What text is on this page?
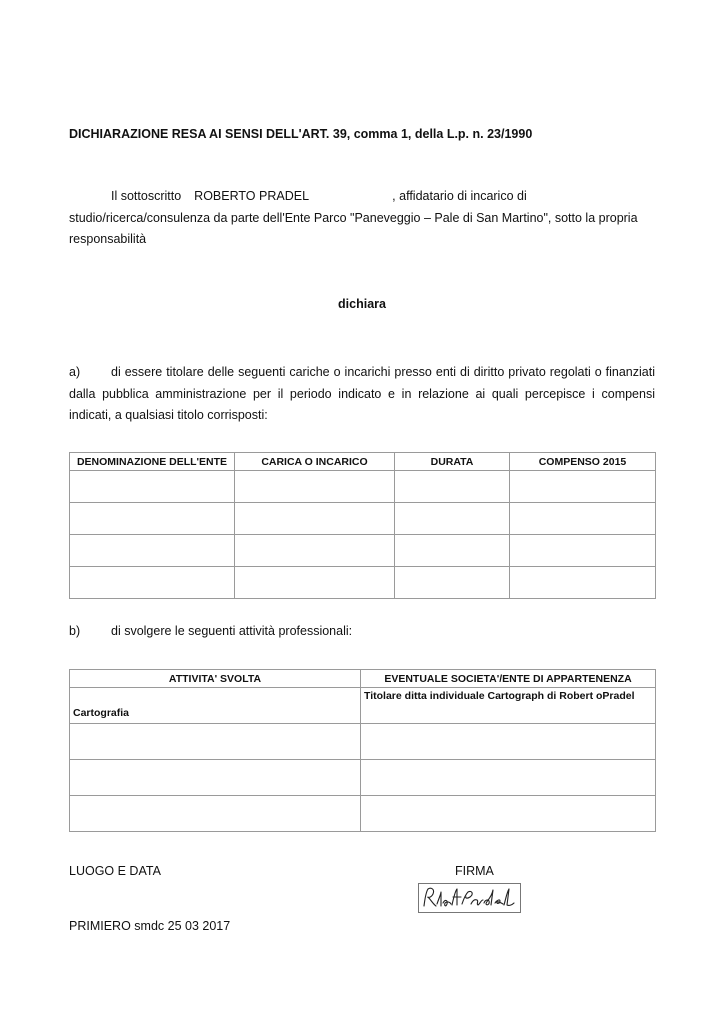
DICHIARAZIONE RESA AI SENSI DELL'ART. 39, comma 1, della L.p. n. 23/1990
Il sottoscritto ROBERTO PRADEL	, affidatario di incarico di
studio/ricerca/consulenza da parte dell'Ente Parco "Paneveggio – Pale di San Martino", sotto la propria
responsabilità
dichiara
a) di essere titolare delle seguenti cariche o incarichi presso enti di diritto privato regolati o finanziati dalla pubblica amministrazione per il periodo indicato e in relazione ai quali percepisce i compensi indicati, a qualsiasi titolo corrisposti:
DENOMINAZIONE DELL'ENTE	CARICA O INCARICO	DURATA	COMPENSO 2015

b) di svolgere le seguenti attività professionali:
ATTIVITA' SVOLTA	EVENTUALE SOCIETA'/ENTE DI APPARTENENZA
Cartografia	Titolare ditta individuale Cartograph di Robert oPradel

LUOGO E DATA	FIRMA
PRIMIERO smdc 25 03 2017
